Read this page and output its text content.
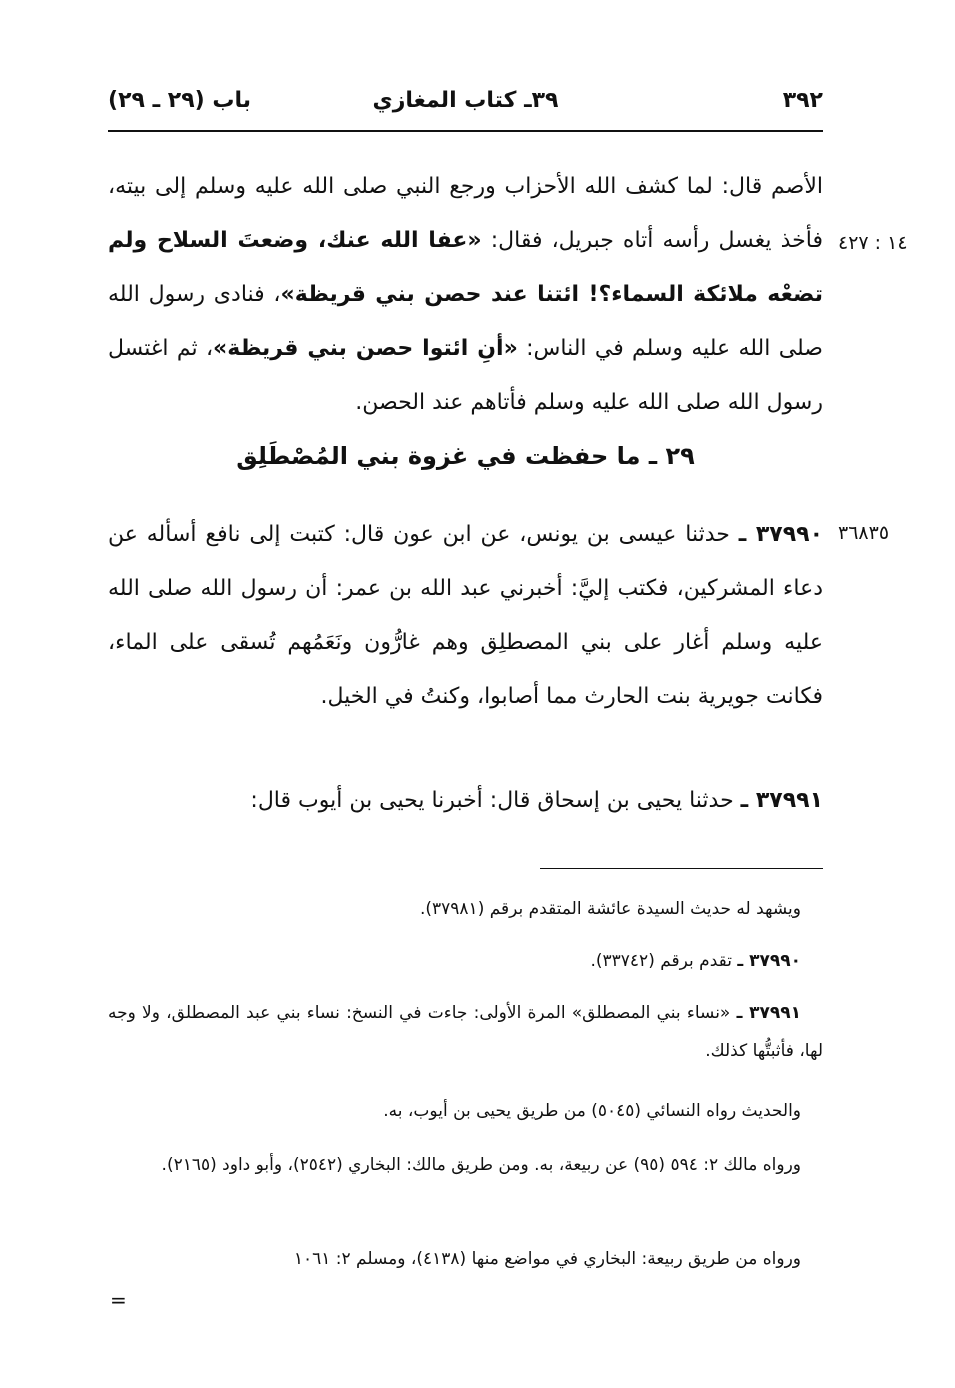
٣٩٢
٣٩ـ كتاب المغازي
باب (٢٩ ـ ٢٩)
١٤ : ٤٢٧
الأصم قال: لما كشف الله الأحزاب ورجع النبي صلى الله عليه وسلم إلى بيته، فأخذ يغسل رأسه أتاه جبريل، فقال: «عفا الله عنك، وضعتَ السلاح ولم تضعْه ملائكة السماء؟! ائتنا عند حصن بني قريظة»، فنادى رسول الله صلى الله عليه وسلم في الناس: «أنِ ائتوا حصن بني قريظة»، ثم اغتسل رسول الله صلى الله عليه وسلم فأتاهم عند الحصن.
٢٩ ـ ما حفظت في غزوة بني المُصْطَلِق
٣٦٨٣٥
٣٧٩٩٠ ـ حدثنا عيسى بن يونس، عن ابن عون قال: كتبت إلى نافع أسأله عن دعاء المشركين، فكتب إليَّ: أخبرني عبد الله بن عمر: أن رسول الله صلى الله عليه وسلم أغار على بني المصطلِق وهم غارُّون ونَعَمُهم تُسقى على الماء، فكانت جويرية بنت الحارث مما أصابوا، وكنتُ في الخيل.
٣٧٩٩١ ـ حدثنا يحيى بن إسحاق قال: أخبرنا يحيى بن أيوب قال:
ويشهد له حديث السيدة عائشة المتقدم برقم (٣٧٩٨١).
٣٧٩٩٠ ـ تقدم برقم (٣٣٧٤٢).
٣٧٩٩١ ـ «نساء بني المصطلق» المرة الأولى: جاءت في النسخ: نساء بني عبد المصطلق، ولا وجه لها، فأثبتُّها كذلك.
والحديث رواه النسائي (٥٠٤٥) من طريق يحيى بن أيوب، به.
ورواه مالك ٢: ٥٩٤ (٩٥) عن ربيعة، به. ومن طريق مالك: البخاري (٢٥٤٢)، وأبو داود (٢١٦٥).
ورواه من طريق ربيعة: البخاري في مواضع منها (٤١٣٨)، ومسلم ٢: ١٠٦١
=
